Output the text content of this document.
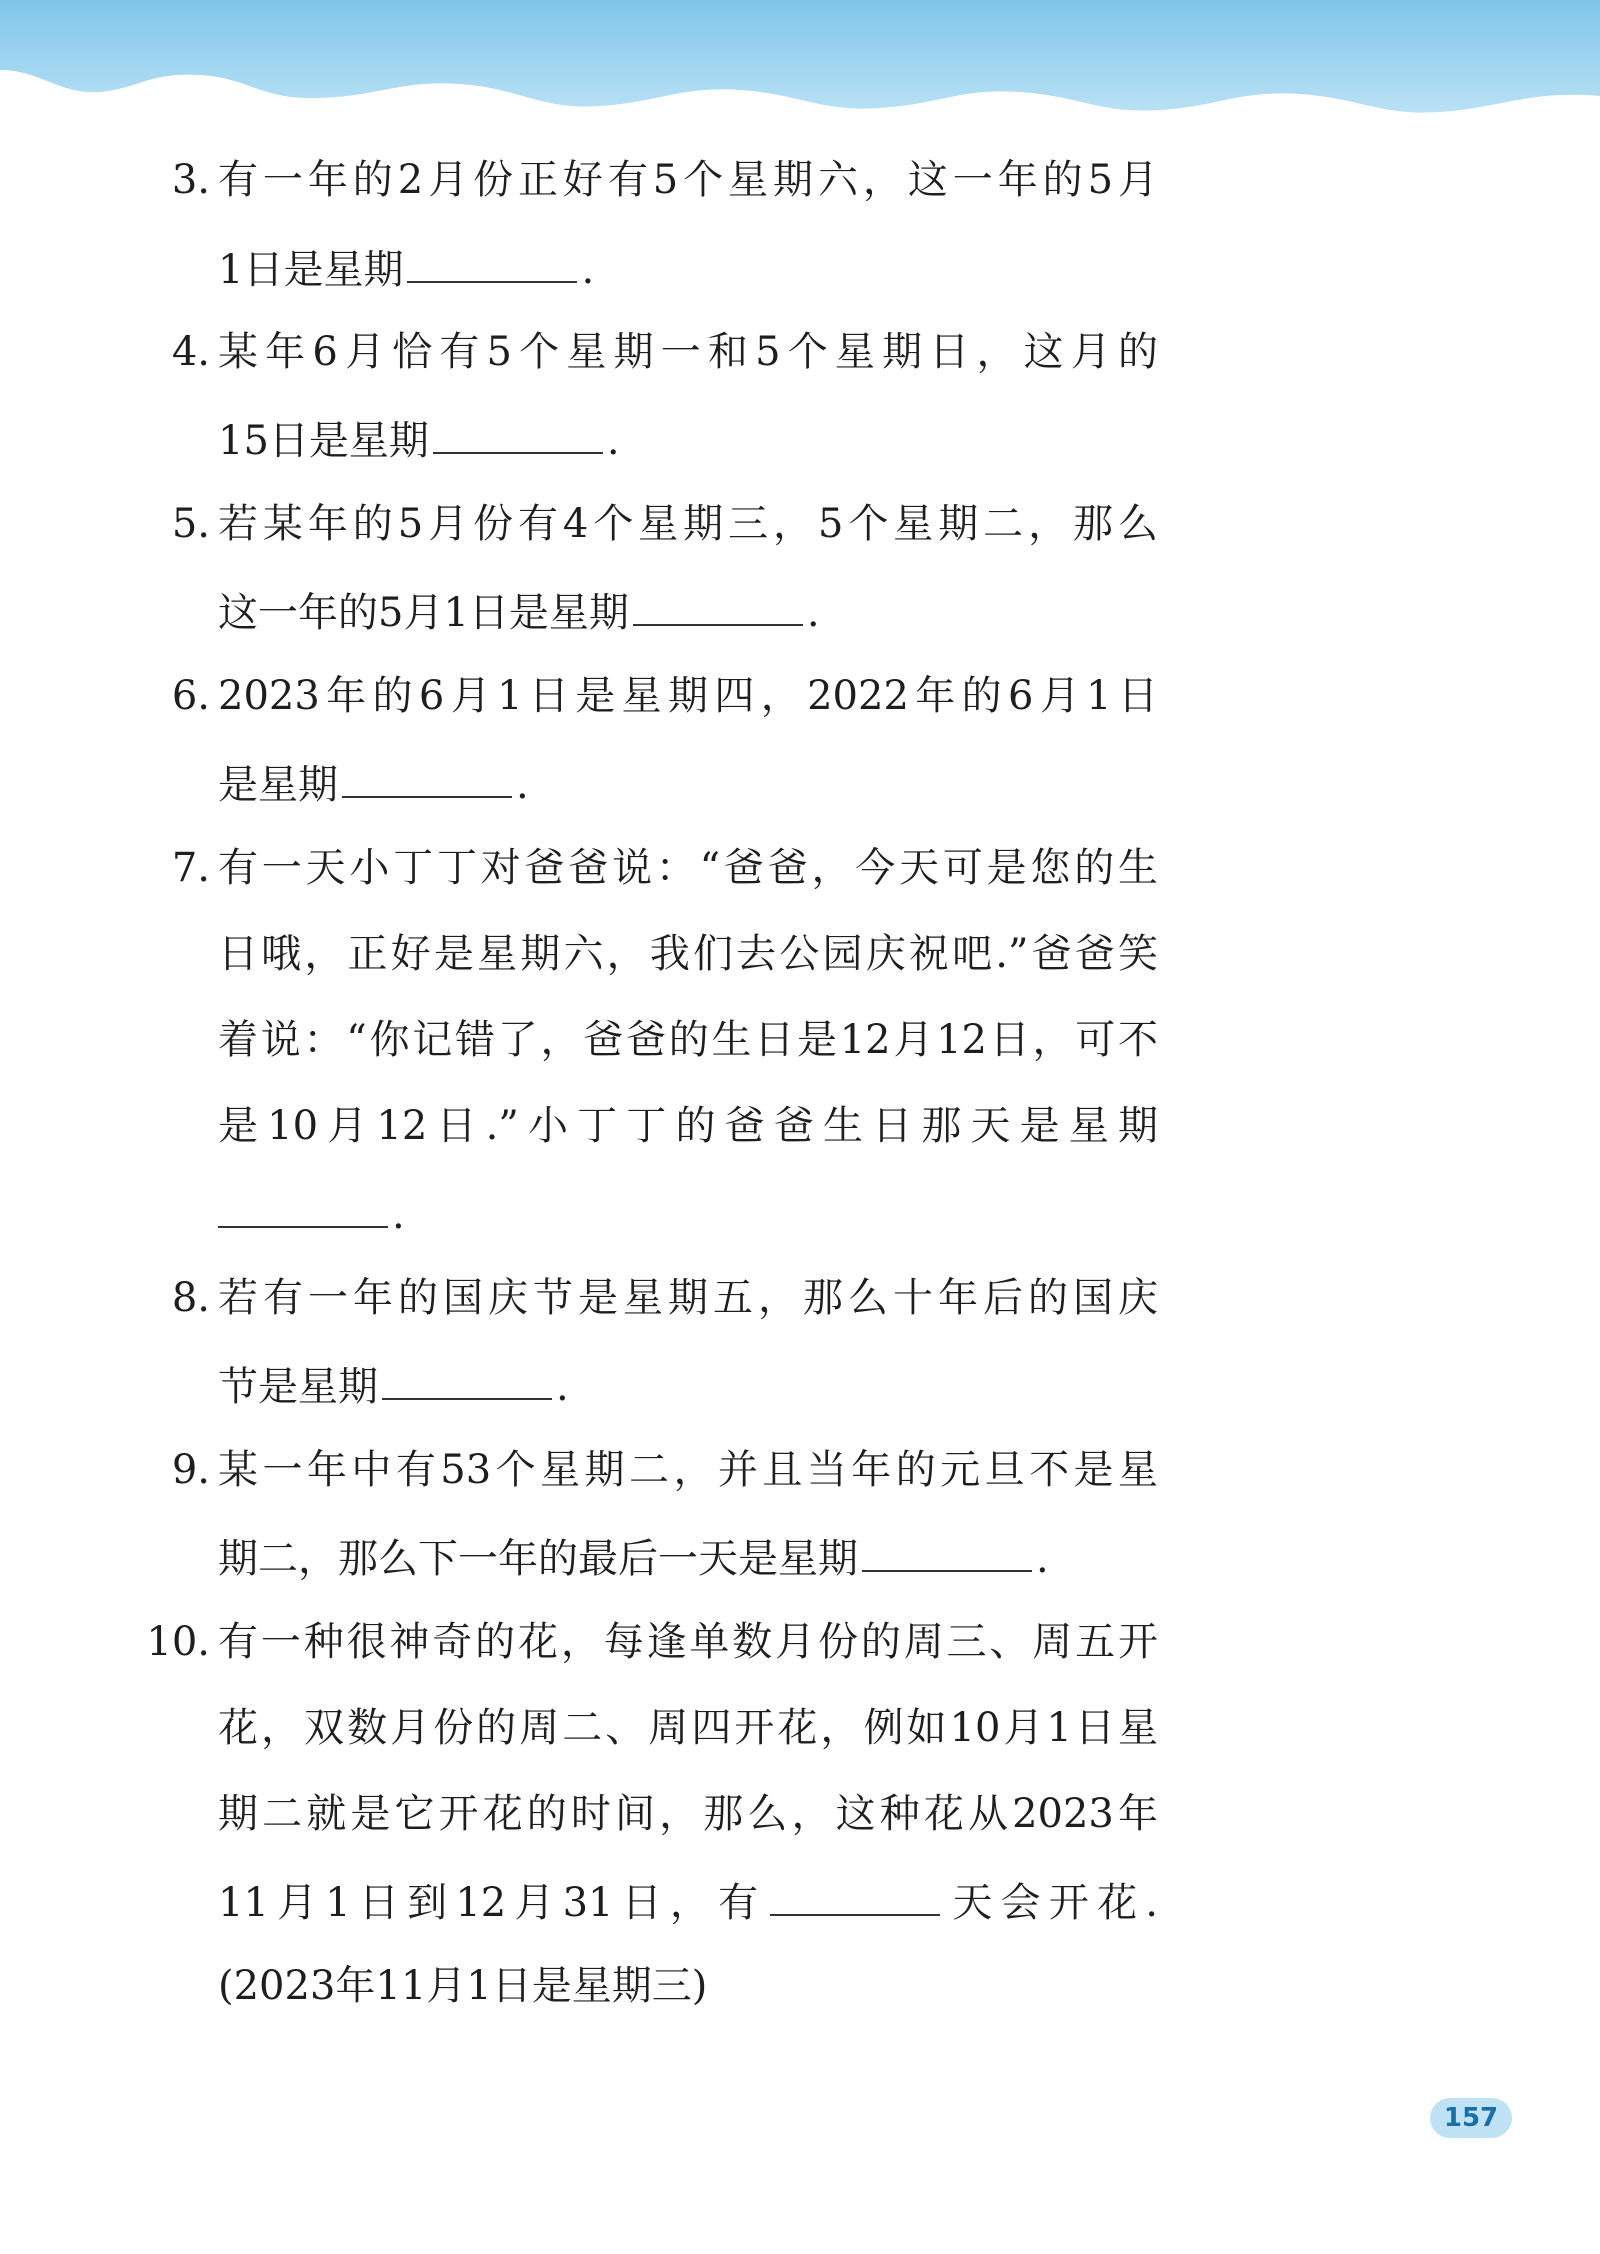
3. 有一年的2月份正好有5个星期六，这一年的5月
1日是星期	.
4. 某年6月恰有5个星期一和5个星期日，这月的
15日是星期	.
5. 若某年的5月份有4个星期三，5个星期二，那么
这一年的5月1日是星期	.
6. 2023年的6月1日是星期四，2022年的6月1日
是星期	.
7. 有一天小丁丁对爸爸说：“爸爸，今天可是您的生
日哦，正好是星期六，我们去公园庆祝吧.”爸爸笑
着说：“你记错了，爸爸的生日是12月12日，可不
是10月12日.”小丁丁的爸爸生日那天是星期
.
8. 若有一年的国庆节是星期五，那么十年后的国庆
节是星期	.
9. 某一年中有53个星期二，并且当年的元旦不是星
期二，那么下一年的最后一天是星期	.
10. 有一种很神奇的花，每逢单数月份的周三、周五开
花，双数月份的周二、周四开花，例如10月1日星
期二就是它开花的时间，那么，这种花从2023年
11月1日到12月31日，有	天会开花.
(2023年11月1日是星期三)
157
